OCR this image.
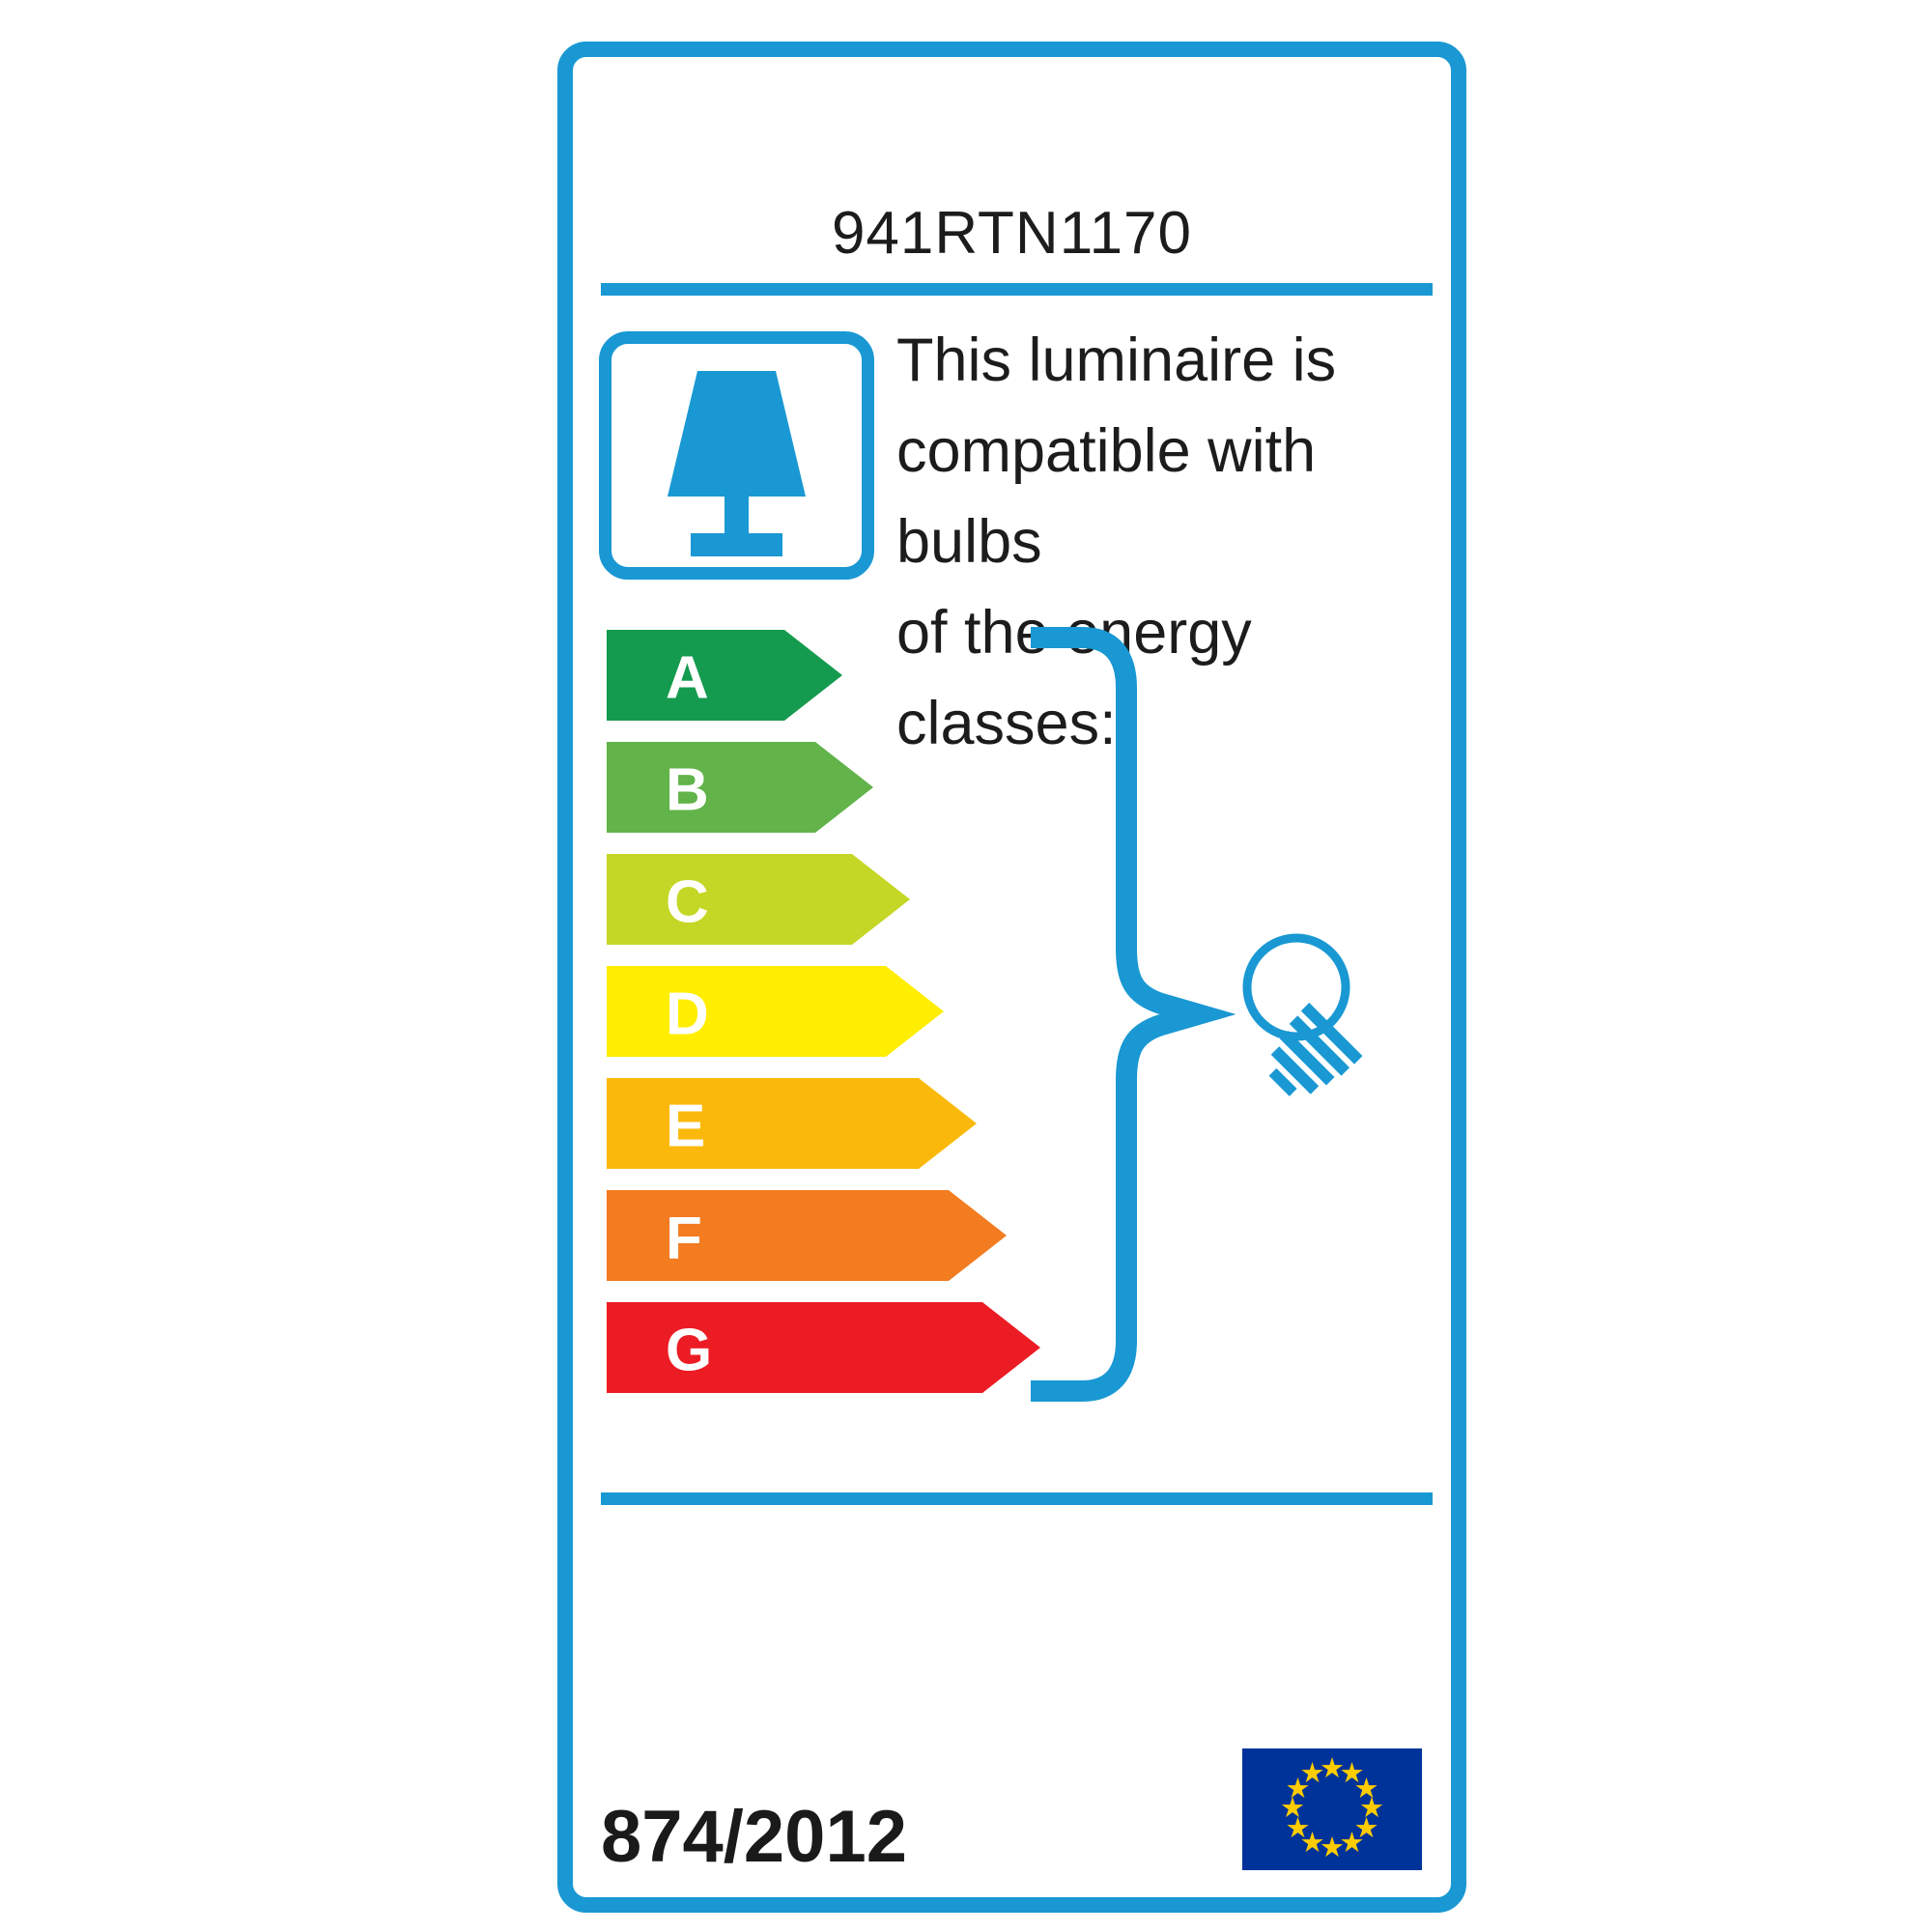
941RTN1170
This luminaire is
compatible with bulbs
of the energy classes:
A
B
C
D
E
F
G
874/2012
★
★
★
★
★
★
★
★
★
★
★
★
